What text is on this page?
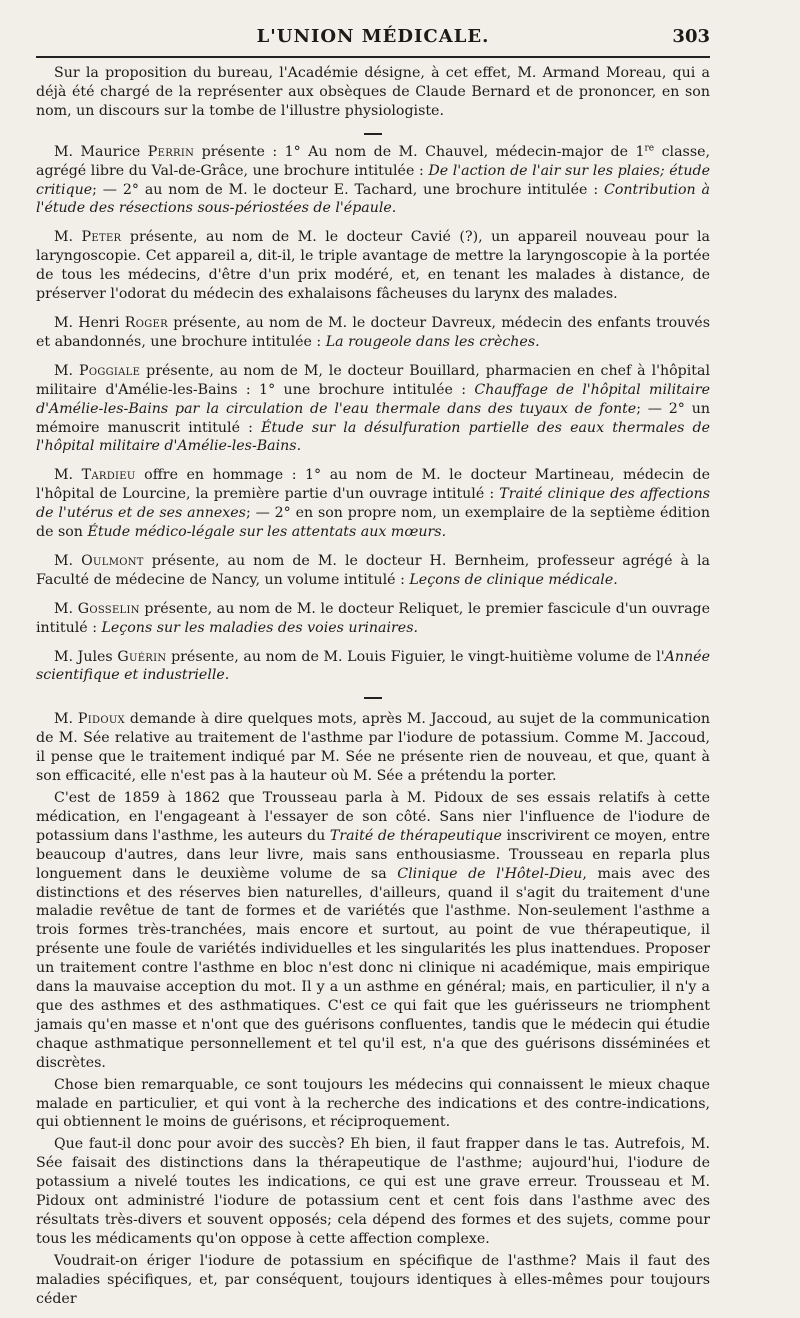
L'UNION MÉDICALE.	303

Sur la proposition du bureau, l'Académie désigne, à cet effet, M. Armand Moreau, qui a déjà été chargé de la représenter aux obsèques de Claude Bernard et de prononcer, en son nom, un discours sur la tombe de l'illustre physiologiste.

M. Maurice Perrin présente : 1° Au nom de M. Chauvel, médecin-major de 1re classe, agrégé libre du Val-de-Grâce, une brochure intitulée : De l'action de l'air sur les plaies; étude critique; — 2° au nom de M. le docteur E. Tachard, une brochure intitulée : Contribution à l'étude des résections sous-périostées de l'épaule.

M. Peter présente, au nom de M. le docteur Cavié (?), un appareil nouveau pour la laryngoscopie. Cet appareil a, dit-il, le triple avantage de mettre la laryngoscopie à la portée de tous les médecins, d'être d'un prix modéré, et, en tenant les malades à distance, de préserver l'odorat du médecin des exhalaisons fâcheuses du larynx des malades.

M. Henri Roger présente, au nom de M. le docteur Davreux, médecin des enfants trouvés et abandonnés, une brochure intitulée : La rougeole dans les crèches.

M. Poggiale présente, au nom de M, le docteur Bouillard, pharmacien en chef à l'hôpital militaire d'Amélie-les-Bains : 1° une brochure intitulée : Chauffage de l'hôpital militaire d'Amélie-les-Bains par la circulation de l'eau thermale dans des tuyaux de fonte; — 2° un mémoire manuscrit intitulé : Étude sur la désulfuration partielle des eaux thermales de l'hôpital militaire d'Amélie-les-Bains.

M. Tardieu offre en hommage : 1° au nom de M. le docteur Martineau, médecin de l'hôpital de Lourcine, la première partie d'un ouvrage intitulé : Traité clinique des affections de l'utérus et de ses annexes; — 2° en son propre nom, un exemplaire de la septième édition de son Étude médico-légale sur les attentats aux mœurs.

M. Oulmont présente, au nom de M. le docteur H. Bernheim, professeur agrégé à la Faculté de médecine de Nancy, un volume intitulé : Leçons de clinique médicale.

M. Gosselin présente, au nom de M. le docteur Reliquet, le premier fascicule d'un ouvrage intitulé : Leçons sur les maladies des voies urinaires.

M. Jules Guérin présente, au nom de M. Louis Figuier, le vingt-huitième volume de l'Année scientifique et industrielle.

M. Pidoux demande à dire quelques mots, après M. Jaccoud, au sujet de la communication de M. Sée relative au traitement de l'asthme par l'iodure de potassium. Comme M. Jaccoud, il pense que le traitement indiqué par M. Sée ne présente rien de nouveau, et que, quant à son efficacité, elle n'est pas à la hauteur où M. Sée a prétendu la porter.

C'est de 1859 à 1862 que Trousseau parla à M. Pidoux de ses essais relatifs à cette médication, en l'engageant à l'essayer de son côté. Sans nier l'influence de l'iodure de potassium dans l'asthme, les auteurs du Traité de thérapeutique inscrivirent ce moyen, entre beaucoup d'autres, dans leur livre, mais sans enthousiasme. Trousseau en reparla plus longuement dans le deuxième volume de sa Clinique de l'Hôtel-Dieu, mais avec des distinctions et des réserves bien naturelles, d'ailleurs, quand il s'agit du traitement d'une maladie revêtue de tant de formes et de variétés que l'asthme. Non-seulement l'asthme a trois formes très-tranchées, mais encore et surtout, au point de vue thérapeutique, il présente une foule de variétés individuelles et les singularités les plus inattendues. Proposer un traitement contre l'asthme en bloc n'est donc ni clinique ni académique, mais empirique dans la mauvaise acception du mot. Il y a un asthme en général; mais, en particulier, il n'y a que des asthmes et des asthmatiques. C'est ce qui fait que les guérisseurs ne triomphent jamais qu'en masse et n'ont que des guérisons confluentes, tandis que le médecin qui étudie chaque asthmatique personnellement et tel qu'il est, n'a que des guérisons disséminées et discrètes.

Chose bien remarquable, ce sont toujours les médecins qui connaissent le mieux chaque malade en particulier, et qui vont à la recherche des indications et des contre-indications, qui obtiennent le moins de guérisons, et réciproquement.

Que faut-il donc pour avoir des succès? Eh bien, il faut frapper dans le tas. Autrefois, M. Sée faisait des distinctions dans la thérapeutique de l'asthme; aujourd'hui, l'iodure de potassium a nivelé toutes les indications, ce qui est une grave erreur. Trousseau et M. Pidoux ont administré l'iodure de potassium cent et cent fois dans l'asthme avec des résultats très-divers et souvent opposés; cela dépend des formes et des sujets, comme pour tous les médicaments qu'on oppose à cette affection complexe.

Voudrait-on ériger l'iodure de potassium en spécifique de l'asthme? Mais il faut des maladies spécifiques, et, par conséquent, toujours identiques à elles-mêmes pour toujours céder
